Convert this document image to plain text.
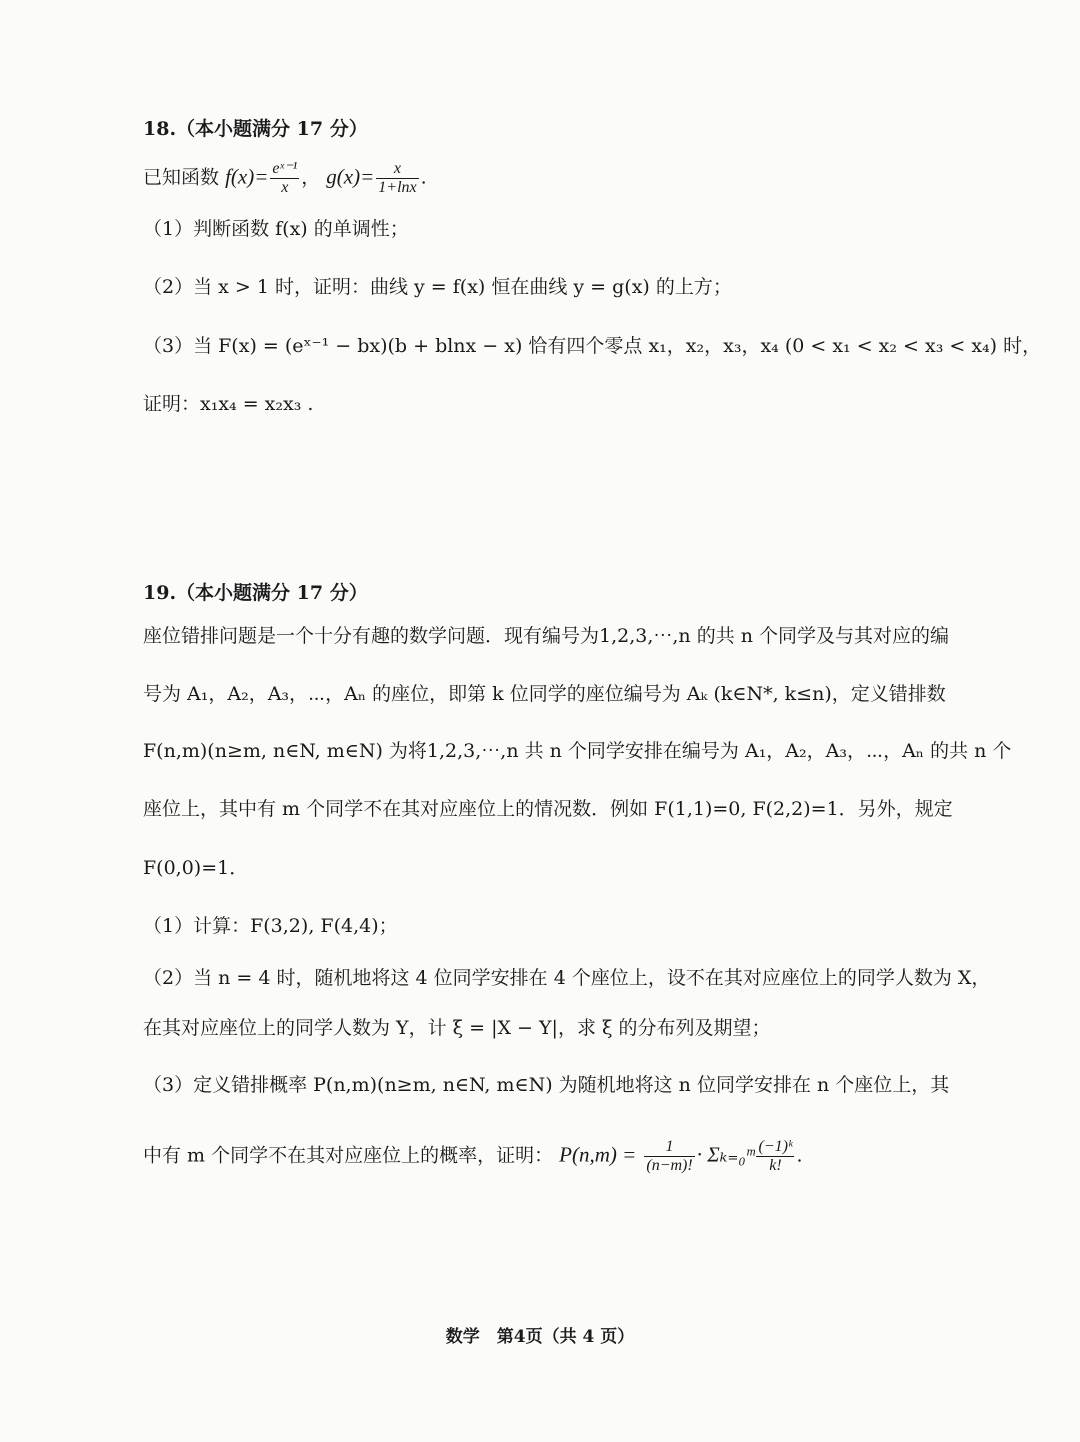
18.（本小题满分 17 分）
已知函数 $f(x)= \frac{\text{eˣ⁻¹}}{x}$ ， $g(x)= \frac{x}{1+\ln x}$ .
（1）判断函数 f(x) 的单调性；
（2）当 x > 1 时，证明：曲线 y = f(x) 恒在曲线 y = g(x) 的上方；
（3）当 F(x) = (eˣ⁻¹ − bx)(b + blnx − x) 恰有四个零点 x₁，x₂，x₃，x₄ (0 < x₁ < x₂ < x₃ < x₄) 时，
证明：x₁x₄ = x₂x₃ .
19.（本小题满分 17 分）
座位错排问题是一个十分有趣的数学问题．现有编号为1,2,3,⋯,n 的共 n 个同学及与其对应的编
号为 A₁，A₂，A₃，⋯，Aₙ 的座位，即第 k 位同学的座位编号为 Aₖ (k∈N*, k≤n)，定义错排数
F(n,m)(n≥m, n∈N, m∈N) 为将1,2,3,⋯,n 共 n 个同学安排在编号为 A₁，A₂，A₃，⋯，Aₙ 的共 n 个
座位上，其中有 m 个同学不在其对应座位上的情况数．例如 F(1,1)=0, F(2,2)=1．另外，规定
F(0,0)=1．
（1）计算：F(3,2), F(4,4)；
（2）当 n = 4 时，随机地将这 4 位同学安排在 4 个座位上，设不在其对应座位上的同学人数为 X，
在其对应座位上的同学人数为 Y，计 ξ = |X − Y|，求 ξ 的分布列及期望；
（3）定义错排概率 P(n,m)(n≥m, n∈N, m∈N) 为随机地将这 n 位同学安排在 n 个座位上，其
中有 m 个同学不在其对应座位上的概率，证明： $P(n,m) = \frac{1}{(n-m)!}$ · Σₖ₌₀ᵐ $\frac{\text{(−1)ᵏ}}{k!}$ .
数学　第4页（共 4 页）
